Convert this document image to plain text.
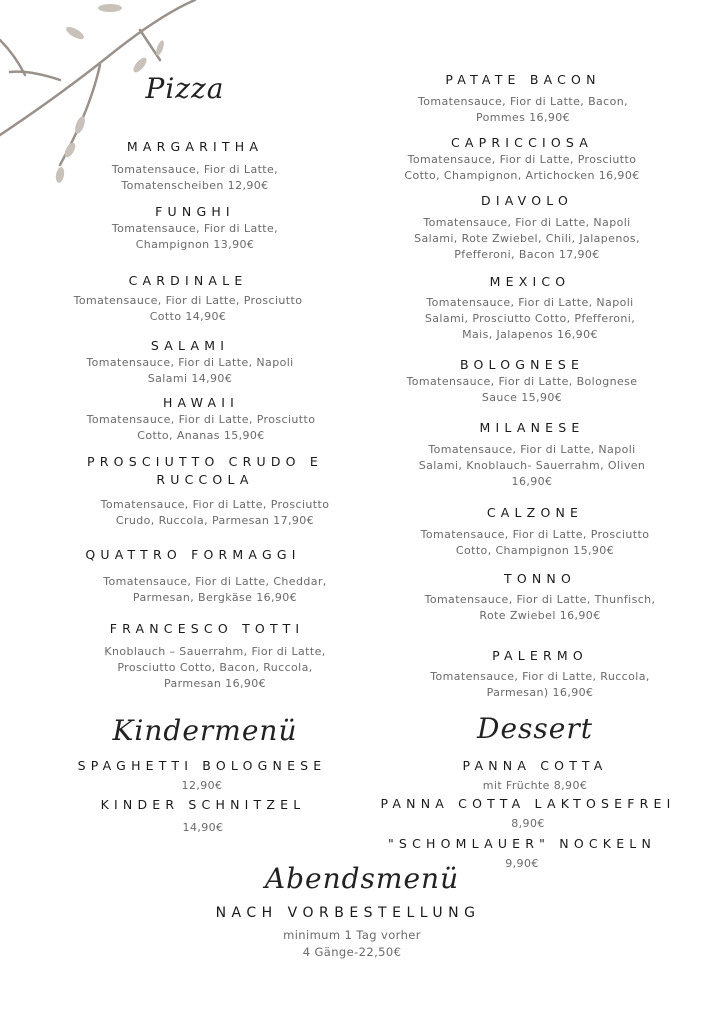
Pizza
MARGARITHA
Tomatensauce, Fior di Latte,
Tomatenscheiben 12,90€
FUNGHI
Tomatensauce, Fior di Latte,
Champignon 13,90€
CARDINALE
Tomatensauce, Fior di Latte, Prosciutto
Cotto 14,90€
SALAMI
Tomatensauce, Fior di Latte, Napoli
Salami 14,90€
HAWAII
Tomatensauce, Fior di Latte, Prosciutto
Cotto, Ananas 15,90€
PROSCIUTTO CRUDO E
RUCCOLA
Tomatensauce, Fior di Latte, Prosciutto
Crudo, Ruccola, Parmesan 17,90€
QUATTRO FORMAGGI
Tomatensauce, Fior di Latte, Cheddar,
Parmesan, Bergkäse 16,90€
FRANCESCO TOTTI
Knoblauch – Sauerrahm, Fior di Latte,
Prosciutto Cotto, Bacon, Ruccola,
Parmesan 16,90€
PATATE BACON
Tomatensauce, Fior di Latte, Bacon,
Pommes 16,90€
CAPRICCIOSA
Tomatensauce, Fior di Latte, Prosciutto
Cotto, Champignon, Artichocken 16,90€
DIAVOLO
Tomatensauce, Fior di Latte, Napoli
Salami, Rote Zwiebel, Chili, Jalapenos,
Pfefferoni, Bacon 17,90€
MEXICO
Tomatensauce, Fior di Latte, Napoli
Salami, Prosciutto Cotto, Pfefferoni,
Mais, Jalapenos 16,90€
BOLOGNESE
Tomatensauce, Fior di Latte, Bolognese
Sauce 15,90€
MILANESE
Tomatensauce, Fior di Latte, Napoli
Salami, Knoblauch- Sauerrahm, Oliven
16,90€
CALZONE
Tomatensauce, Fior di Latte, Prosciutto
Cotto, Champignon 15,90€
TONNO
Tomatensauce, Fior di Latte, Thunfisch,
Rote Zwiebel 16,90€
PALERMO
Tomatensauce, Fior di Latte, Ruccola,
Parmesan) 16,90€
Kindermenü
SPAGHETTI BOLOGNESE
12,90€
KINDER SCHNITZEL
14,90€
Dessert
PANNA COTTA
mit Früchte 8,90€
PANNA COTTA LAKTOSEFREI
8,90€
"SCHOMLAUER" NOCKELN
9,90€
Abendsmenü
NACH VORBESTELLUNG
minimum 1 Tag vorher
4 Gänge-22,50€
